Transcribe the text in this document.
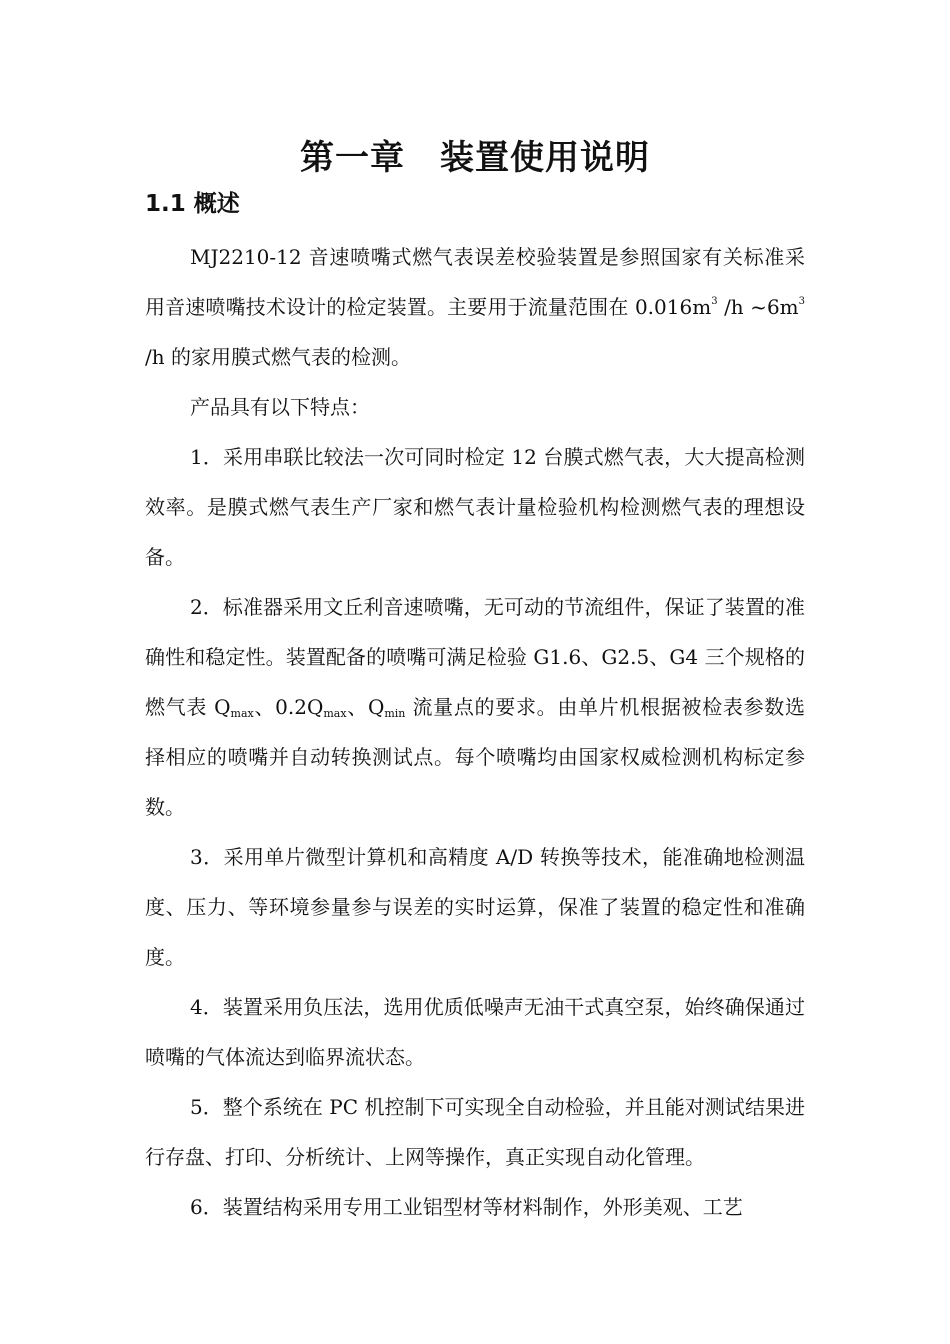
第一章　装置使用说明
1.1 概述

MJ2210-12 音速喷嘴式燃气表误差校验装置是参照国家有关标准采用音速喷嘴技术设计的检定装置。主要用于流量范围在 $0.016m^3$ /h $\sim 6m^3$ /h 的家用膜式燃气表的检测。

产品具有以下特点：

1．采用串联比较法一次可同时检定 12 台膜式燃气表，大大提高检测效率。是膜式燃气表生产厂家和燃气表计量检验机构检测燃气表的理想设备。

2．标准器采用文丘利音速喷嘴，无可动的节流组件，保证了装置的准确性和稳定性。装置配备的喷嘴可满足检验 G1.6、G2.5、G4 三个规格的燃气表 $Q_{max}$、$0.2Q_{max}$、$Q_{min}$ 流量点的要求。由单片机根据被检表参数选择相应的喷嘴并自动转换测试点。每个喷嘴均由国家权威检测机构标定参数。

3．采用单片微型计算机和高精度 A/D 转换等技术，能准确地检测温度、压力、等环境参量参与误差的实时运算，保准了装置的稳定性和准确度。

4．装置采用负压法，选用优质低噪声无油干式真空泵，始终确保通过喷嘴的气体流达到临界流状态。

5．整个系统在 PC 机控制下可实现全自动检验，并且能对测试结果进行存盘、打印、分析统计、上网等操作，真正实现自动化管理。

6．装置结构采用专用工业铝型材等材料制作，外形美观、工艺
